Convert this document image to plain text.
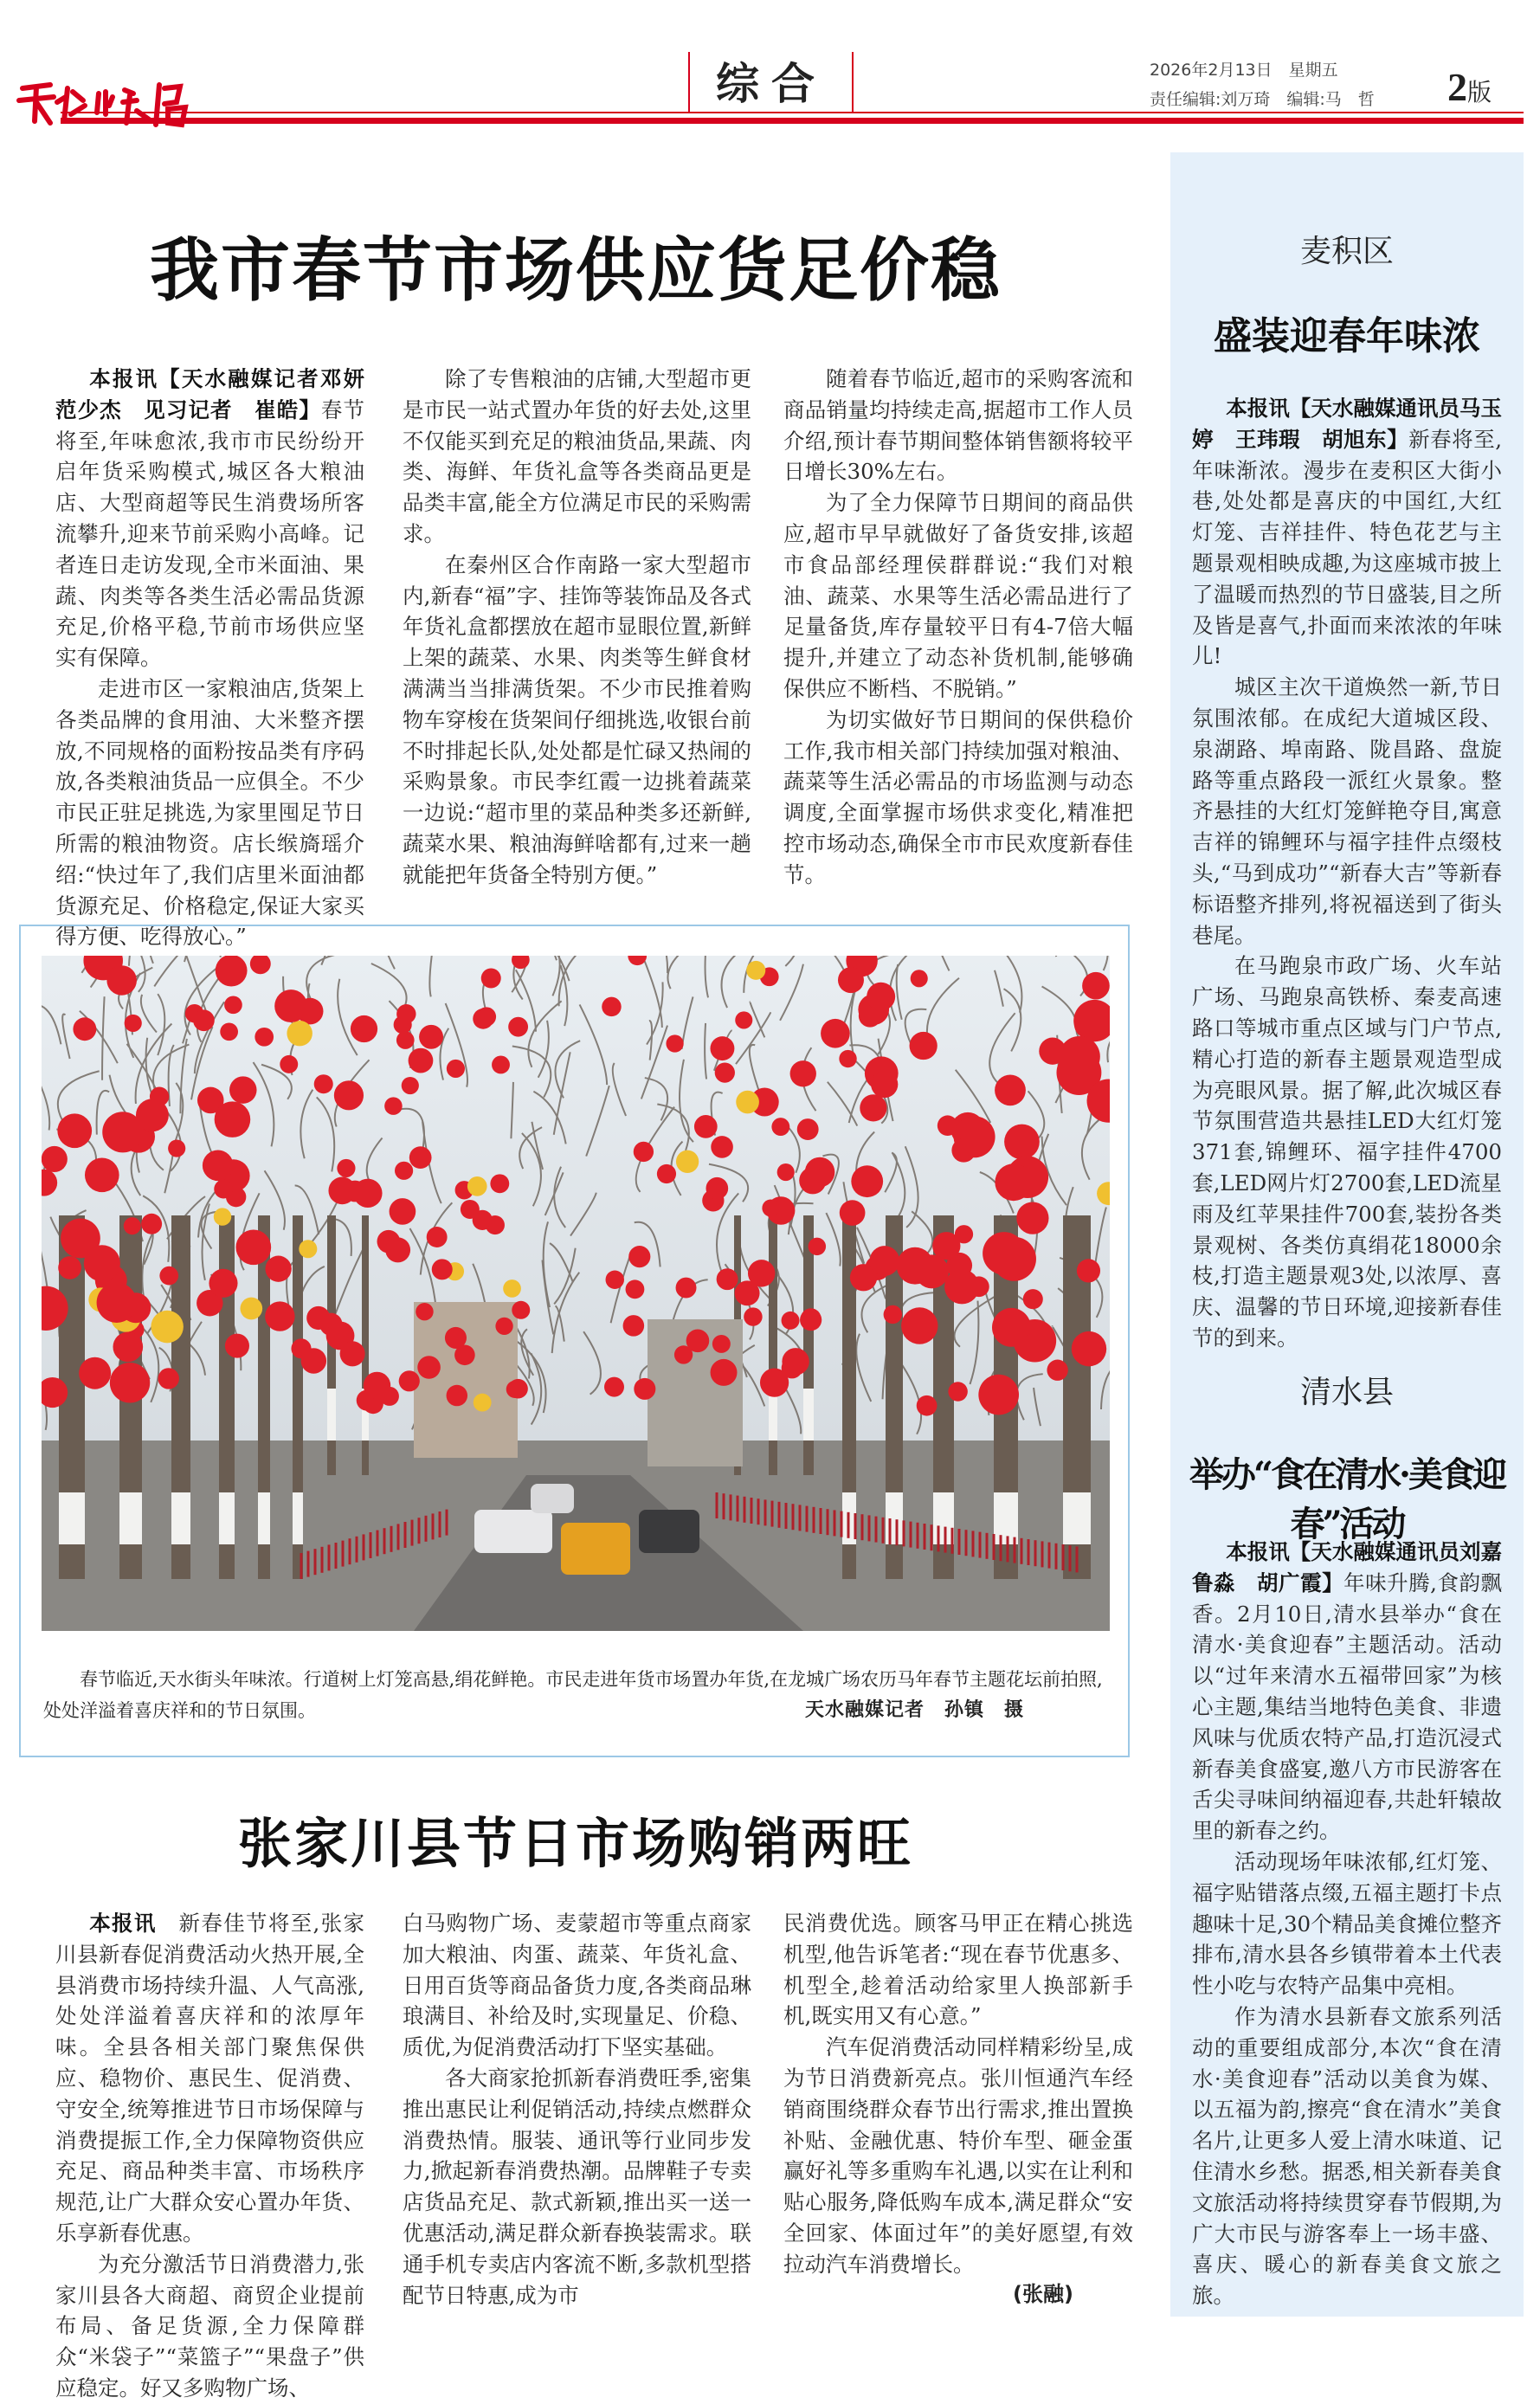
综合	2026年2月13日　星期五
责任编辑:刘万琦　编辑:马　哲 2版
我市春节市场供应货足价稳

本报讯【天水融媒记者邓妍　范少杰　见习记者　崔皓】春节将至,年味愈浓,我市市民纷纷开启年货采购模式,城区各大粮油店、大型商超等民生消费场所客流攀升,迎来节前采购小高峰。记者连日走访发现,全市米面油、果蔬、肉类等各类生活必需品货源充足,价格平稳,节前市场供应坚实有保障。

走进市区一家粮油店,货架上各类品牌的食用油、大米整齐摆放,不同规格的面粉按品类有序码放,各类粮油货品一应俱全。不少市民正驻足挑选,为家里囤足节日所需的粮油物资。店长缑旖瑶介绍:“快过年了,我们店里米面油都货源充足、价格稳定,保证大家买得方便、吃得放心。”

除了专售粮油的店铺,大型超市更是市民一站式置办年货的好去处,这里不仅能买到充足的粮油货品,果蔬、肉类、海鲜、年货礼盒等各类商品更是品类丰富,能全方位满足市民的采购需求。

在秦州区合作南路一家大型超市内,新春“福”字、挂饰等装饰品及各式年货礼盒都摆放在超市显眼位置,新鲜上架的蔬菜、水果、肉类等生鲜食材满满当当排满货架。不少市民推着购物车穿梭在货架间仔细挑选,收银台前不时排起长队,处处都是忙碌又热闹的采购景象。市民李红霞一边挑着蔬菜一边说:“超市里的菜品种类多还新鲜,蔬菜水果、粮油海鲜啥都有,过来一趟就能把年货备全特别方便。”

随着春节临近,超市的采购客流和商品销量均持续走高,据超市工作人员介绍,预计春节期间整体销售额将较平日增长30%左右。

为了全力保障节日期间的商品供应,超市早早就做好了备货安排,该超市食品部经理侯群群说:“我们对粮油、蔬菜、水果等生活必需品进行了足量备货,库存量较平日有4-7倍大幅提升,并建立了动态补货机制,能够确保供应不断档、不脱销。”

为切实做好节日期间的保供稳价工作,我市相关部门持续加强对粮油、蔬菜等生活必需品的市场监测与动态调度,全面掌握市场供求变化,精准把控市场动态,确保全市市民欢度新春佳节。

春节临近,天水街头年味浓。行道树上灯笼高悬,绢花鲜艳。市民走进年货市场置办年货,在龙城广场农历马年春节主题花坛前拍照,处处洋溢着喜庆祥和的节日氛围。	天水融媒记者　孙镇　摄
张家川县节日市场购销两旺

本报讯　新春佳节将至,张家川县新春促消费活动火热开展,全县消费市场持续升温、人气高涨,处处洋溢着喜庆祥和的浓厚年味。全县各相关部门聚焦保供应、稳物价、惠民生、促消费、守安全,统筹推进节日市场保障与消费提振工作,全力保障物资供应充足、商品种类丰富、市场秩序规范,让广大群众安心置办年货、乐享新春优惠。

为充分激活节日消费潜力,张家川县各大商超、商贸企业提前布局、备足货源,全力保障群众“米袋子”“菜篮子”“果盘子”供应稳定。好又多购物广场、

白马购物广场、麦蒙超市等重点商家加大粮油、肉蛋、蔬菜、年货礼盒、日用百货等商品备货力度,各类商品琳琅满目、补给及时,实现量足、价稳、质优,为促消费活动打下坚实基础。

各大商家抢抓新春消费旺季,密集推出惠民让利促销活动,持续点燃群众消费热情。服装、通讯等行业同步发力,掀起新春消费热潮。品牌鞋子专卖店货品充足、款式新颖,推出买一送一优惠活动,满足群众新春换装需求。联通手机专卖店内客流不断,多款机型搭配节日特惠,成为市

民消费优选。顾客马甲正在精心挑选机型,他告诉笔者:“现在春节优惠多、机型全,趁着活动给家里人换部新手机,既实用又有心意。”

汽车促消费活动同样精彩纷呈,成为节日消费新亮点。张川恒通汽车经销商围绕群众春节出行需求,推出置换补贴、金融优惠、特价车型、砸金蛋赢好礼等多重购车礼遇,以实在让利和贴心服务,降低购车成本,满足群众“安全回家、体面过年”的美好愿望,有效拉动汽车消费增长。

(张融)
麦积区
盛装迎春年味浓

本报讯【天水融媒通讯员马玉婷　王玮瑕　胡旭东】新春将至,年味渐浓。漫步在麦积区大街小巷,处处都是喜庆的中国红,大红灯笼、吉祥挂件、特色花艺与主题景观相映成趣,为这座城市披上了温暖而热烈的节日盛装,目之所及皆是喜气,扑面而来浓浓的年味儿!

城区主次干道焕然一新,节日氛围浓郁。在成纪大道城区段、泉湖路、埠南路、陇昌路、盘旋路等重点路段一派红火景象。整齐悬挂的大红灯笼鲜艳夺目,寓意吉祥的锦鲤环与福字挂件点缀枝头,“马到成功”“新春大吉”等新春标语整齐排列,将祝福送到了街头巷尾。

在马跑泉市政广场、火车站广场、马跑泉高铁桥、秦麦高速路口等城市重点区域与门户节点,精心打造的新春主题景观造型成为亮眼风景。据了解,此次城区春节氛围营造共悬挂LED大红灯笼371套,锦鲤环、福字挂件4700套,LED网片灯2700套,LED流星雨及红苹果挂件700套,装扮各类景观树、各类仿真绢花18000余枝,打造主题景观3处,以浓厚、喜庆、温馨的节日环境,迎接新春佳节的到来。

清水县
举办“食在清水·美食迎春”活动

本报讯【天水融媒通讯员刘嘉鲁淼　胡广霞】年味升腾,食韵飘香。2月10日,清水县举办“食在清水·美食迎春”主题活动。活动以“过年来清水五福带回家”为核心主题,集结当地特色美食、非遗风味与优质农特产品,打造沉浸式新春美食盛宴,邀八方市民游客在舌尖寻味间纳福迎春,共赴轩辕故里的新春之约。

活动现场年味浓郁,红灯笼、福字贴错落点缀,五福主题打卡点趣味十足,30个精品美食摊位整齐排布,清水县各乡镇带着本土代表性小吃与农特产品集中亮相。

作为清水县新春文旅系列活动的重要组成部分,本次“食在清水·美食迎春”活动以美食为媒、以五福为韵,擦亮“食在清水”美食名片,让更多人爱上清水味道、记住清水乡愁。据悉,相关新春美食文旅活动将持续贯穿春节假期,为广大市民与游客奉上一场丰盛、喜庆、暖心的新春美食文旅之旅。
